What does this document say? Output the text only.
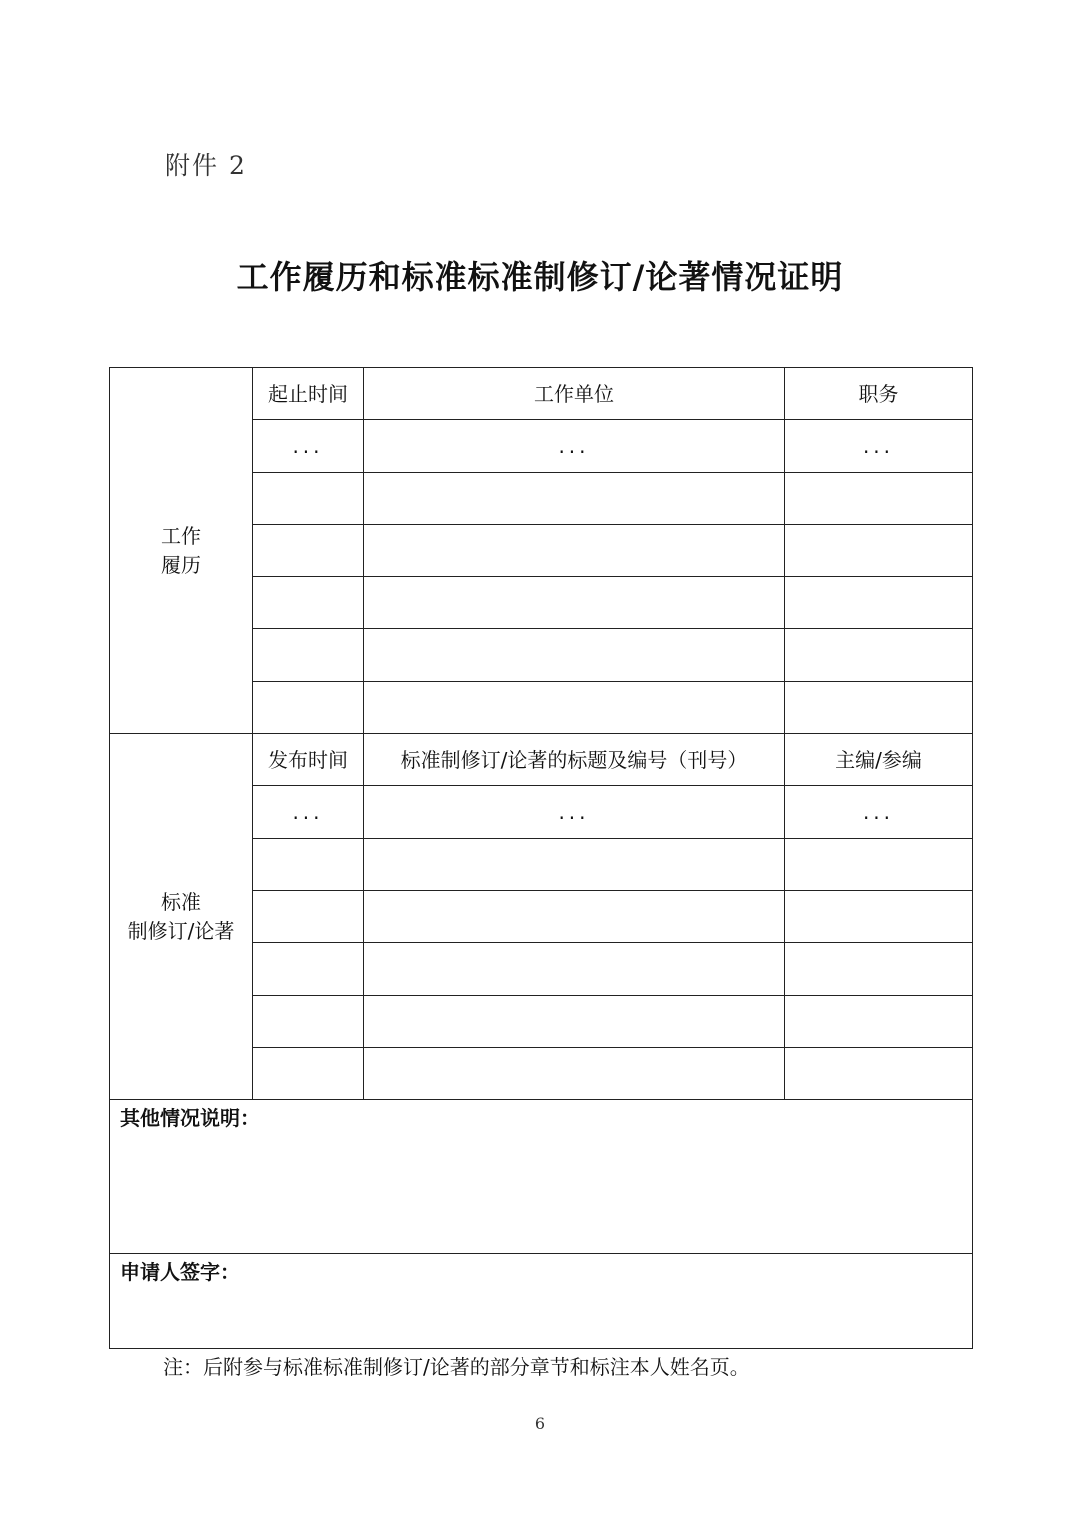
附件 2
工作履历和标准标准制修订/论著情况证明
工作
履历	起止时间	工作单位	职务
	...	...	...

标准
制修订/论著	发布时间	标准制修订/论著的标题及编号（刊号）	主编/参编
	...	...	...

其他情况说明：			

申请人签字：			
注：后附参与标准标准制修订/论著的部分章节和标注本人姓名页。
6
